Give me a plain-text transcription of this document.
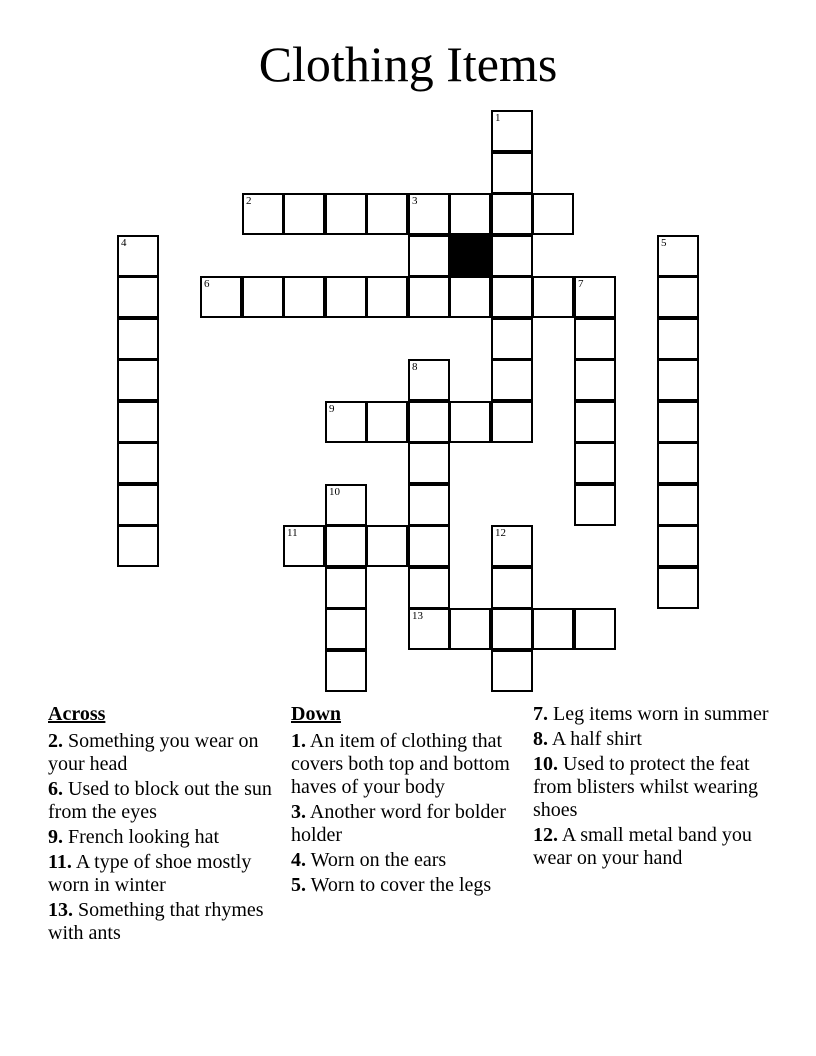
Clothing Items
1
2	3
4	5
6	7
8
9
10
11	12
13
Across
2. Something you wear on your head
6. Used to block out the sun from the eyes
9. French looking hat
11. A type of shoe mostly worn in winter
13. Something that rhymes with ants
Down
1. An item of clothing that covers both top and bottom haves of your body
3. Another word for bolder holder
4. Worn on the ears
5. Worn to cover the legs
7. Leg items worn in summer
8. A half shirt
10. Used to protect the feat from blisters whilst wearing shoes
12. A small metal band you wear on your hand
